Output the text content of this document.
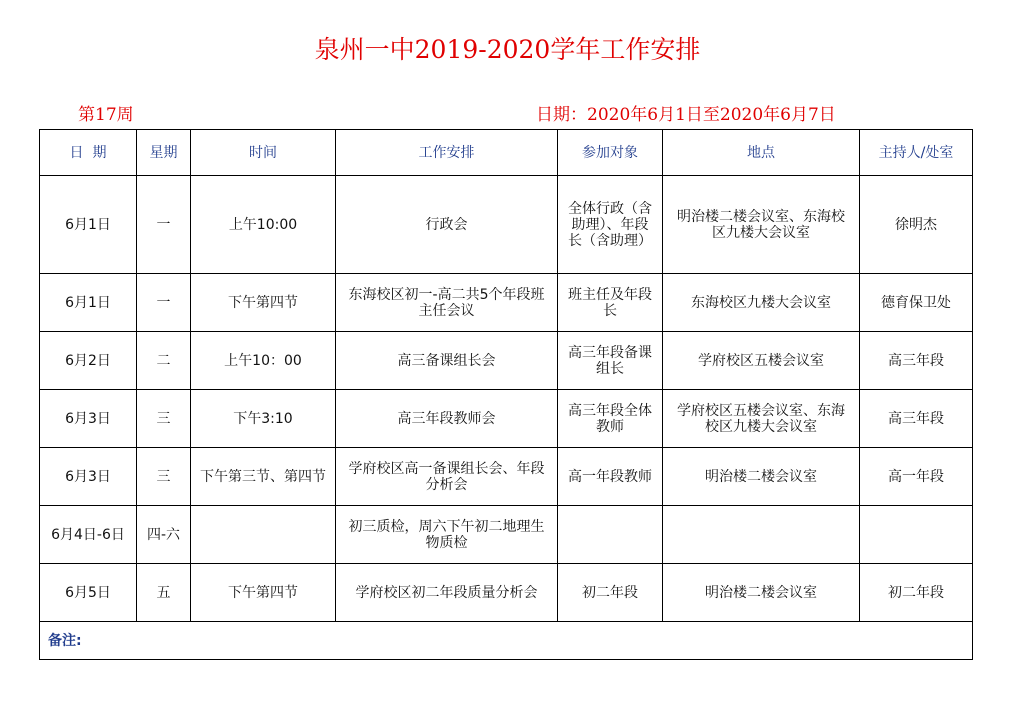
泉州一中2019-2020学年工作安排
第17周	日期：2020年6月1日至2020年6月7日
日  期	星期	时间	工作安排	参加对象	地点	主持人/处室
6月1日	一	上午10:00	行政会	全体行政（含助理）、年段长（含助理）	明治楼二楼会议室、东海校区九楼大会议室	徐明杰
6月1日	一	下午第四节	东海校区初一-高二共5个年段班主任会议	班主任及年段长	东海校区九楼大会议室	德育保卫处
6月2日	二	上午10：00	高三备课组长会	高三年段备课组长	学府校区五楼会议室	高三年段
6月3日	三	下午3:10	高三年段教师会	高三年段全体教师	学府校区五楼会议室、东海校区九楼大会议室	高三年段
6月3日	三	下午第三节、第四节	学府校区高一备课组长会、年段分析会	高一年段教师	明治楼二楼会议室	高一年段
6月4日-6日	四-六		初三质检，周六下午初二地理生物质检			
6月5日	五	下午第四节	学府校区初二年段质量分析会	初二年段	明治楼二楼会议室	初二年段
备注:						
